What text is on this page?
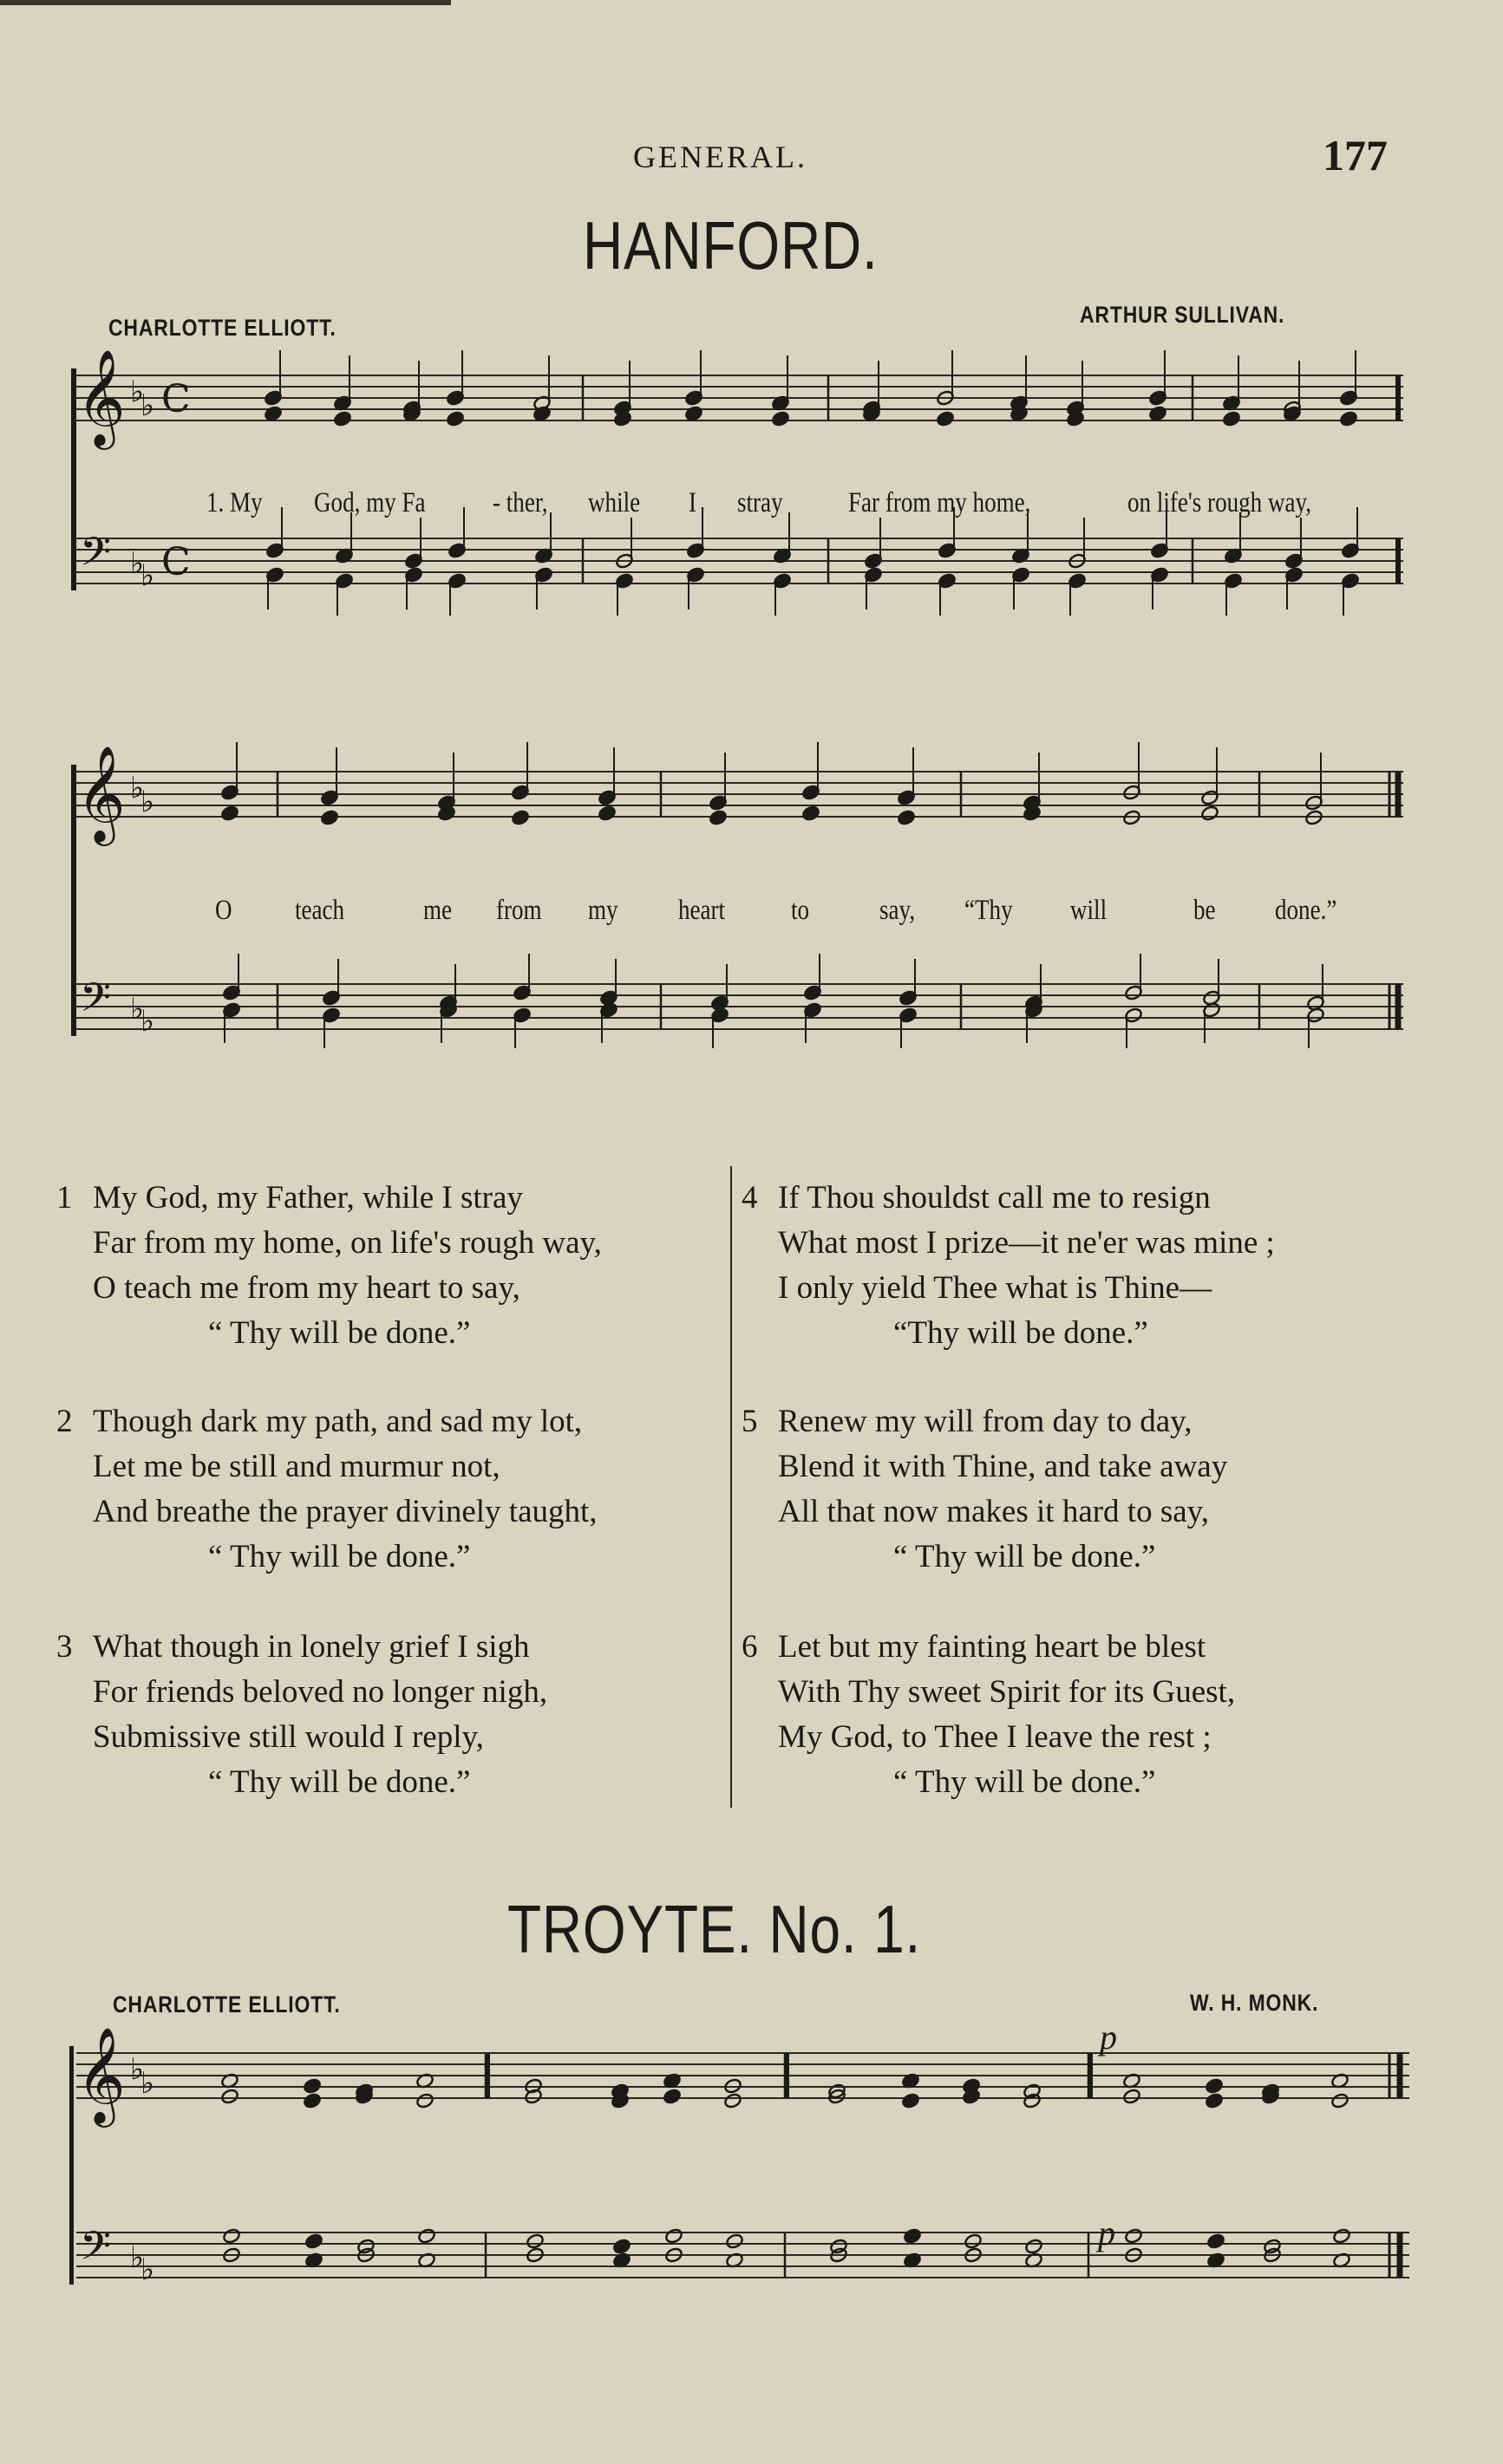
GENERAL.	177
HANFORD.
CHARLOTTE ELLIOTT.	ARTHUR SULLIVAN.
𝄞
𝄢
♭
♭
♭
♭
C
C
1. My God, my Fa - ther, while I stray Far from my home,	on life's rough way,
𝄞
𝄢
♭
♭
♭
♭
O teach	me from my heart to say, “Thy will	be done.”
1 My God, my Father, while I stray
Far from my home, on life's rough way,
O teach me from my heart to say,
“ Thy will be done.”
2 Though dark my path, and sad my lot,
Let me be still and murmur not,
And breathe the prayer divinely taught,
“ Thy will be done.”
3 What though in lonely grief I sigh
For friends beloved no longer nigh,
Submissive still would I reply,
“ Thy will be done.”
4 If Thou shouldst call me to resign
What most I prize—it ne'er was mine ;
I only yield Thee what is Thine—
“Thy will be done.”
5 Renew my will from day to day,
Blend it with Thine, and take away
All that now makes it hard to say,
“ Thy will be done.”
6 Let but my fainting heart be blest
With Thy sweet Spirit for its Guest,
My God, to Thee I leave the rest ;
“ Thy will be done.”
TROYTE. No. 1.
CHARLOTTE ELLIOTT.	W. H. MONK.
𝄞
𝄢
♭
♭
♭
♭
p
p
